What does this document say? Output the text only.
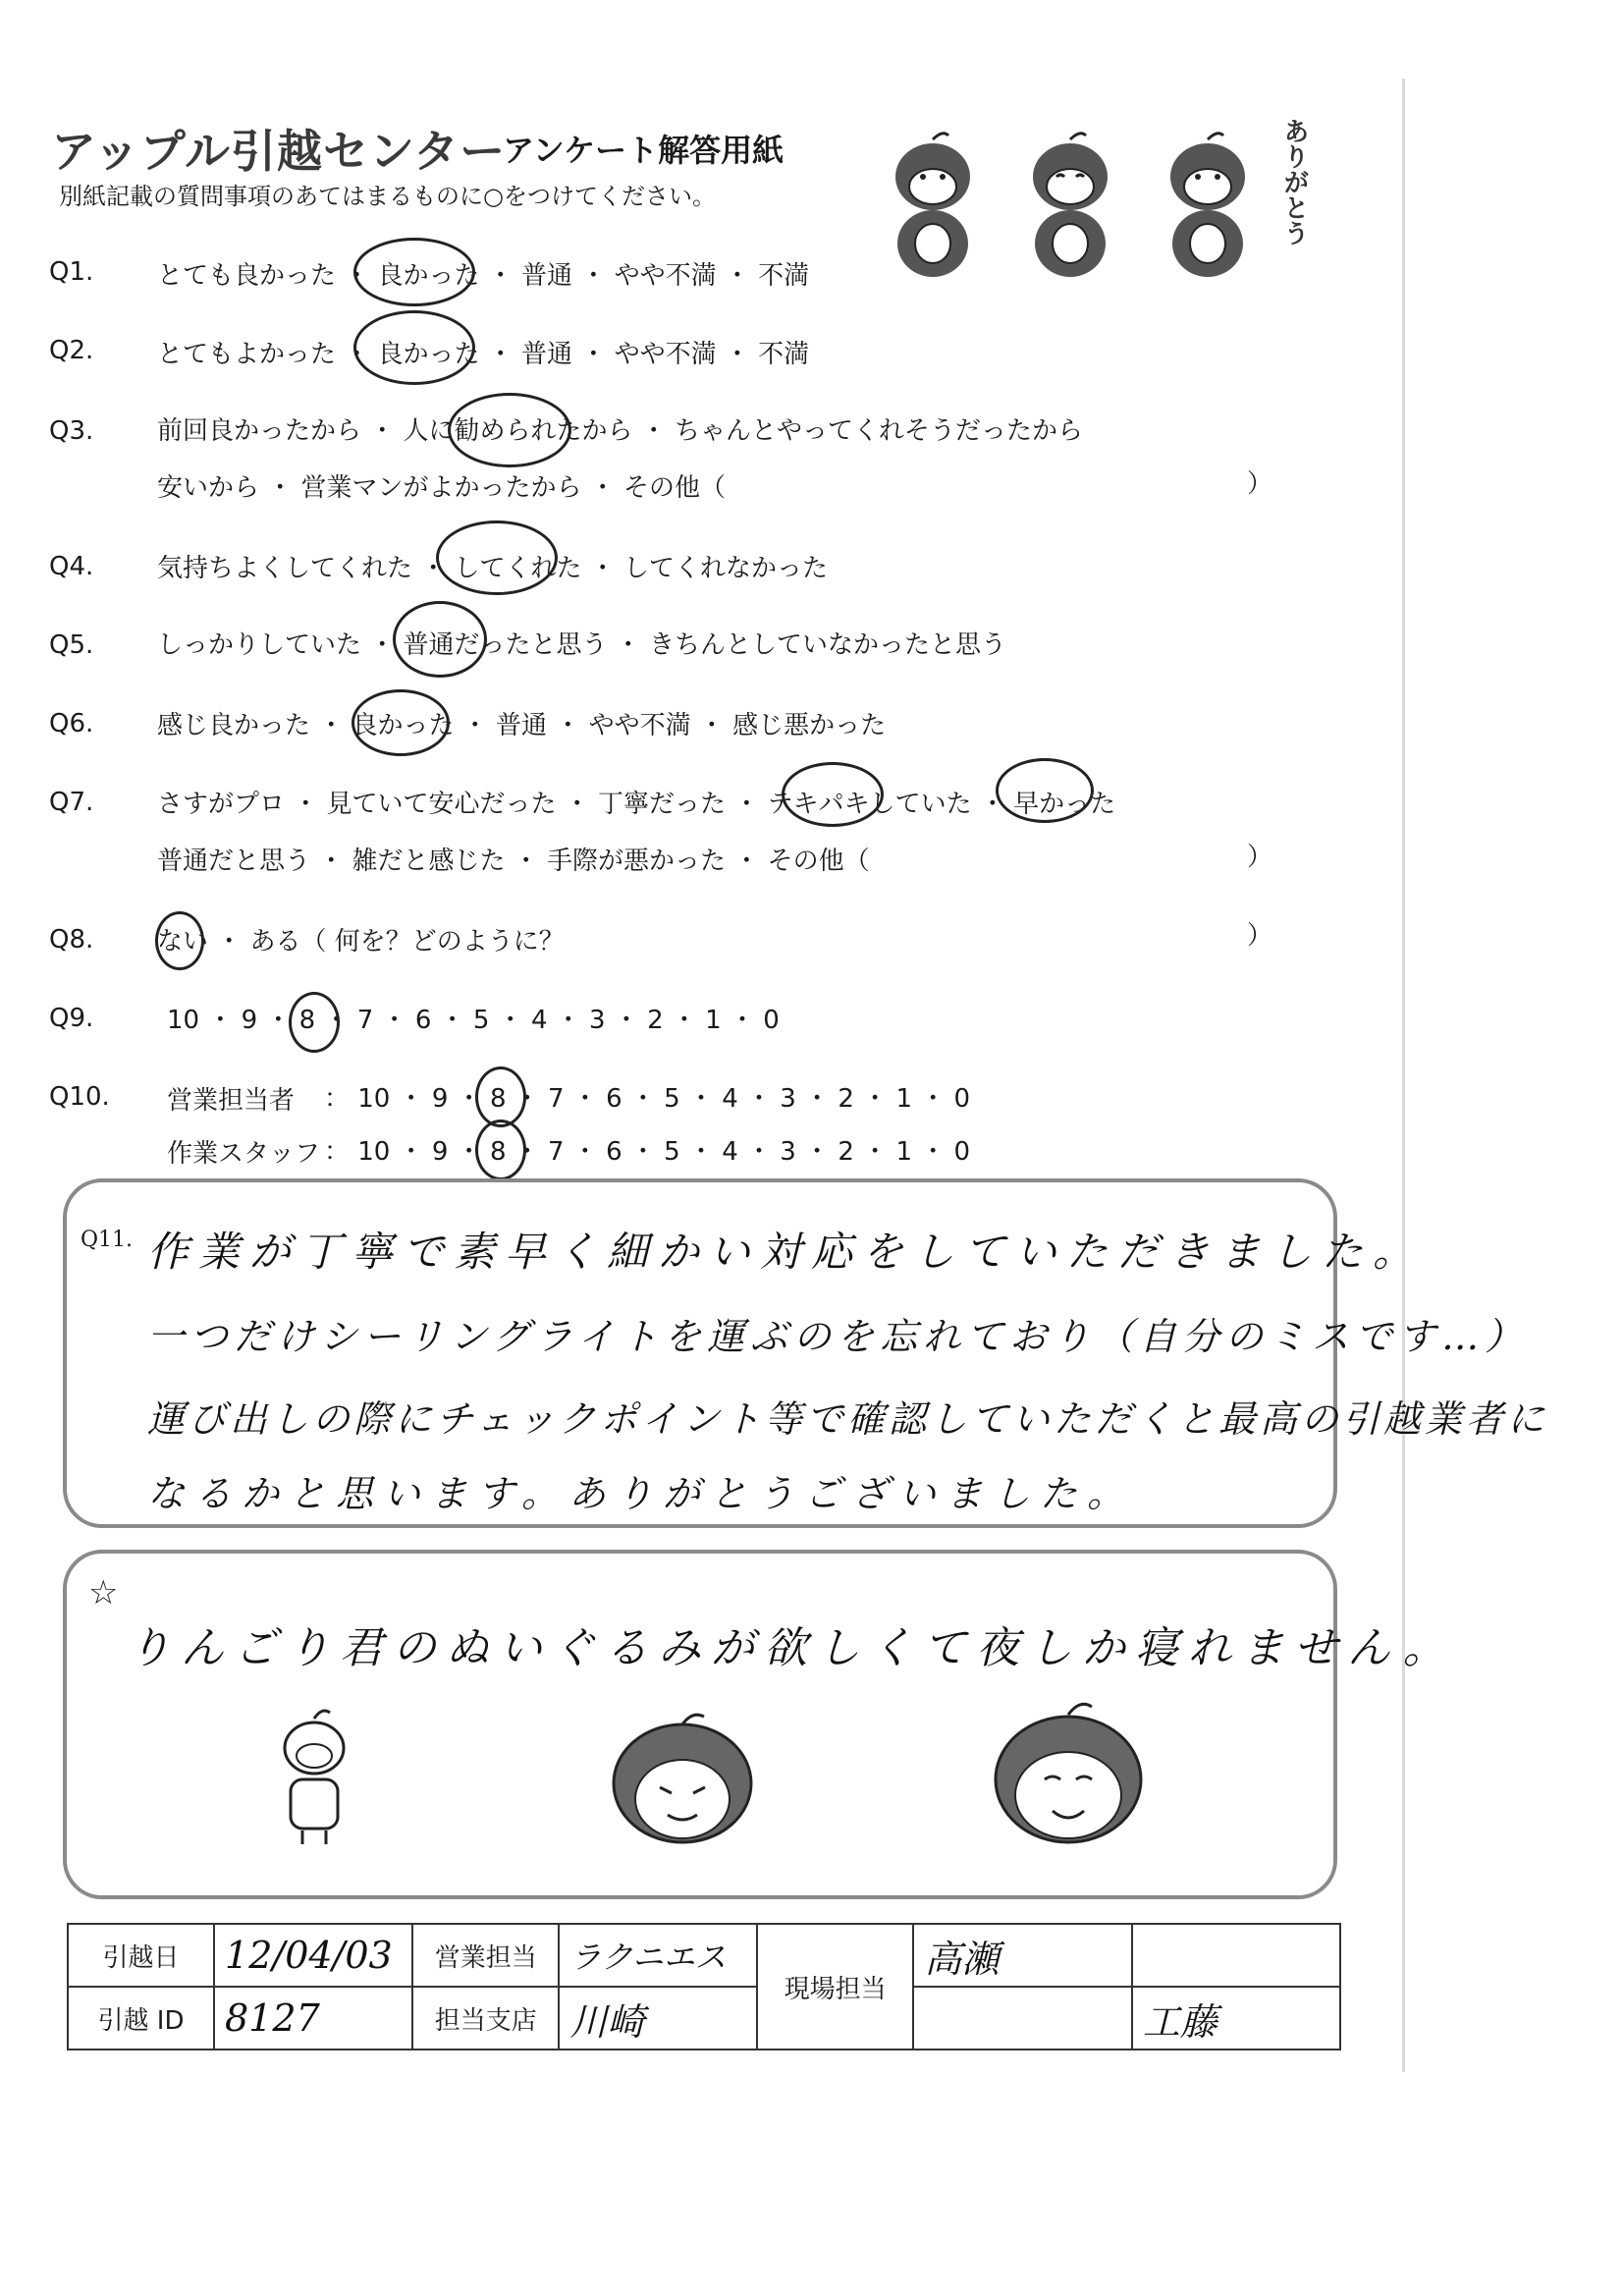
アップル引越センター
アンケート解答用紙
別紙記載の質問事項のあてはまるものに○をつけてください。	ありがとう
Q1. とても良かった ・ 良かった ・ 普通 ・ やや不満 ・ 不満
Q2. とてもよかった ・ 良かった ・ 普通 ・ やや不満 ・ 不満
Q3. 前回良かったから ・ 人に勧められたから ・ ちゃんとやってくれそうだったから
安いから ・ 営業マンがよかったから ・ その他（	）
Q4. 気持ちよくしてくれた ・ してくれた ・ してくれなかった
Q5. しっかりしていた ・ 普通だったと思う ・ きちんとしていなかったと思う
Q6. 感じ良かった ・ 良かった ・ 普通 ・ やや不満 ・ 感じ悪かった
Q7. さすがプロ ・ 見ていて安心だった ・ 丁寧だった ・ テキパキしていた ・ 早かった
普通だと思う ・ 雑だと感じた ・ 手際が悪かった ・ その他（	）
Q8. ない ・ ある（ 何を？どのように？	）
Q9.	10 ・ 9 ・ 8 ・ 7 ・ 6 ・ 5 ・ 4 ・ 3 ・ 2 ・ 1 ・ 0
Q10. 営業担当者 ： 10 ・ 9 ・ 8 ・ 7 ・ 6 ・ 5 ・ 4 ・ 3 ・ 2 ・ 1 ・ 0
作業スタッフ ： 10 ・ 9 ・ 8 ・ 7 ・ 6 ・ 5 ・ 4 ・ 3 ・ 2 ・ 1 ・ 0
Q11. 作業が丁寧で素早く細かい対応をしていただきました。
一つだけシーリングライトを運ぶのを忘れており（自分のミスです…）
運び出しの際にチェックポイント等で確認していただくと最高の引越業者に
なるかと思います。ありがとうございました。
☆
りんごり君のぬいぐるみが欲しくて夜しか寝れません。
引越日	12/04/03	営業担当	ラクニエス	現場担当	高瀬	
引越 ID	8127	担当支店	川崎			工藤
